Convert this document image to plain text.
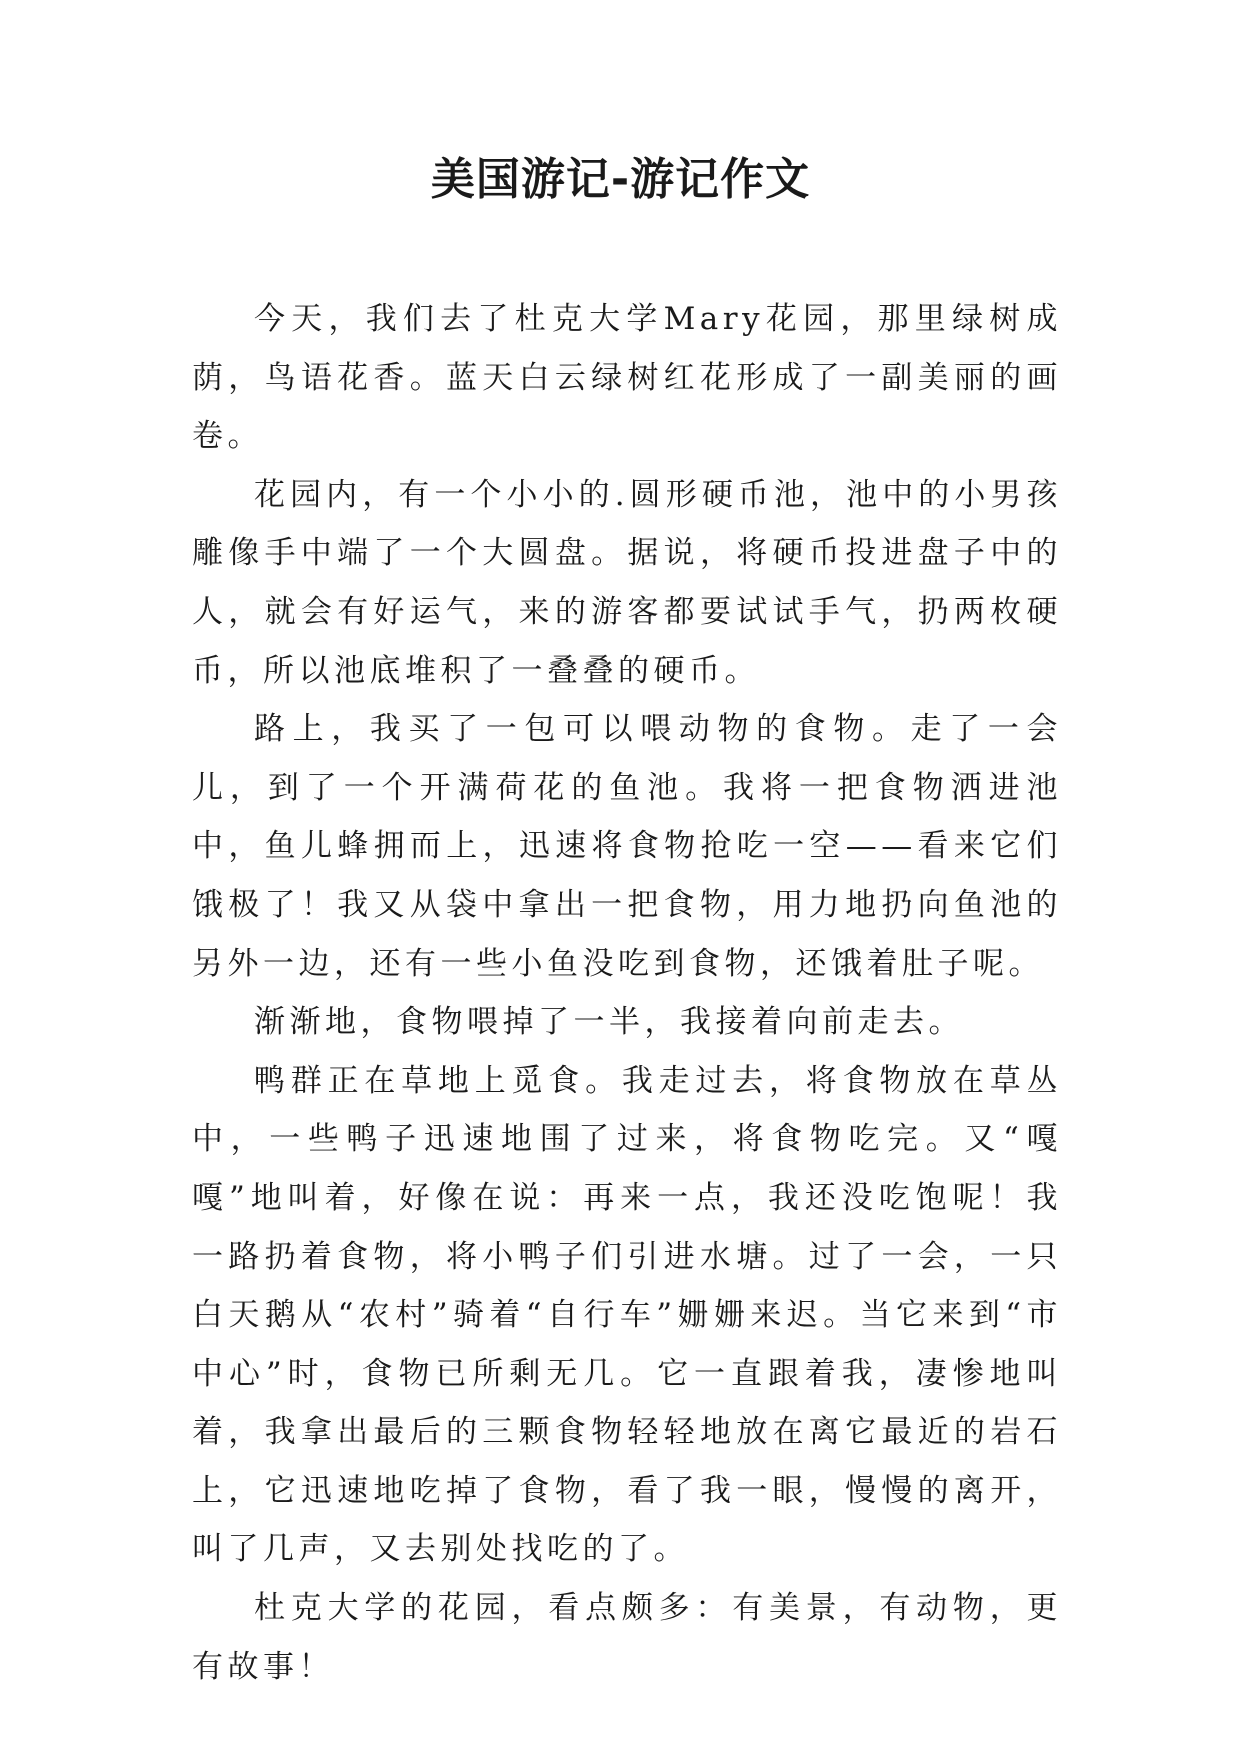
美国游记-游记作文

今天，我们去了杜克大学Mary花园，那里绿树成荫，鸟语花香。蓝天白云绿树红花形成了一副美丽的画卷。

花园内，有一个小小的.圆形硬币池，池中的小男孩雕像手中端了一个大圆盘。据说，将硬币投进盘子中的人，就会有好运气，来的游客都要试试手气，扔两枚硬币，所以池底堆积了一叠叠的硬币。

路上，我买了一包可以喂动物的食物。走了一会儿，到了一个开满荷花的鱼池。我将一把食物洒进池中，鱼儿蜂拥而上，迅速将食物抢吃一空——看来它们饿极了！我又从袋中拿出一把食物，用力地扔向鱼池的另外一边，还有一些小鱼没吃到食物，还饿着肚子呢。

渐渐地，食物喂掉了一半，我接着向前走去。

鸭群正在草地上觅食。我走过去，将食物放在草丛中，一些鸭子迅速地围了过来，将食物吃完。又“嘎嘎”地叫着，好像在说：再来一点，我还没吃饱呢！我一路扔着食物，将小鸭子们引进水塘。过了一会，一只白天鹅从“农村”骑着“自行车”姗姗来迟。当它来到“市中心”时，食物已所剩无几。它一直跟着我，凄惨地叫着，我拿出最后的三颗食物轻轻地放在离它最近的岩石上，它迅速地吃掉了食物，看了我一眼，慢慢的离开，叫了几声，又去别处找吃的了。

杜克大学的花园，看点颇多：有美景，有动物，更有故事！
